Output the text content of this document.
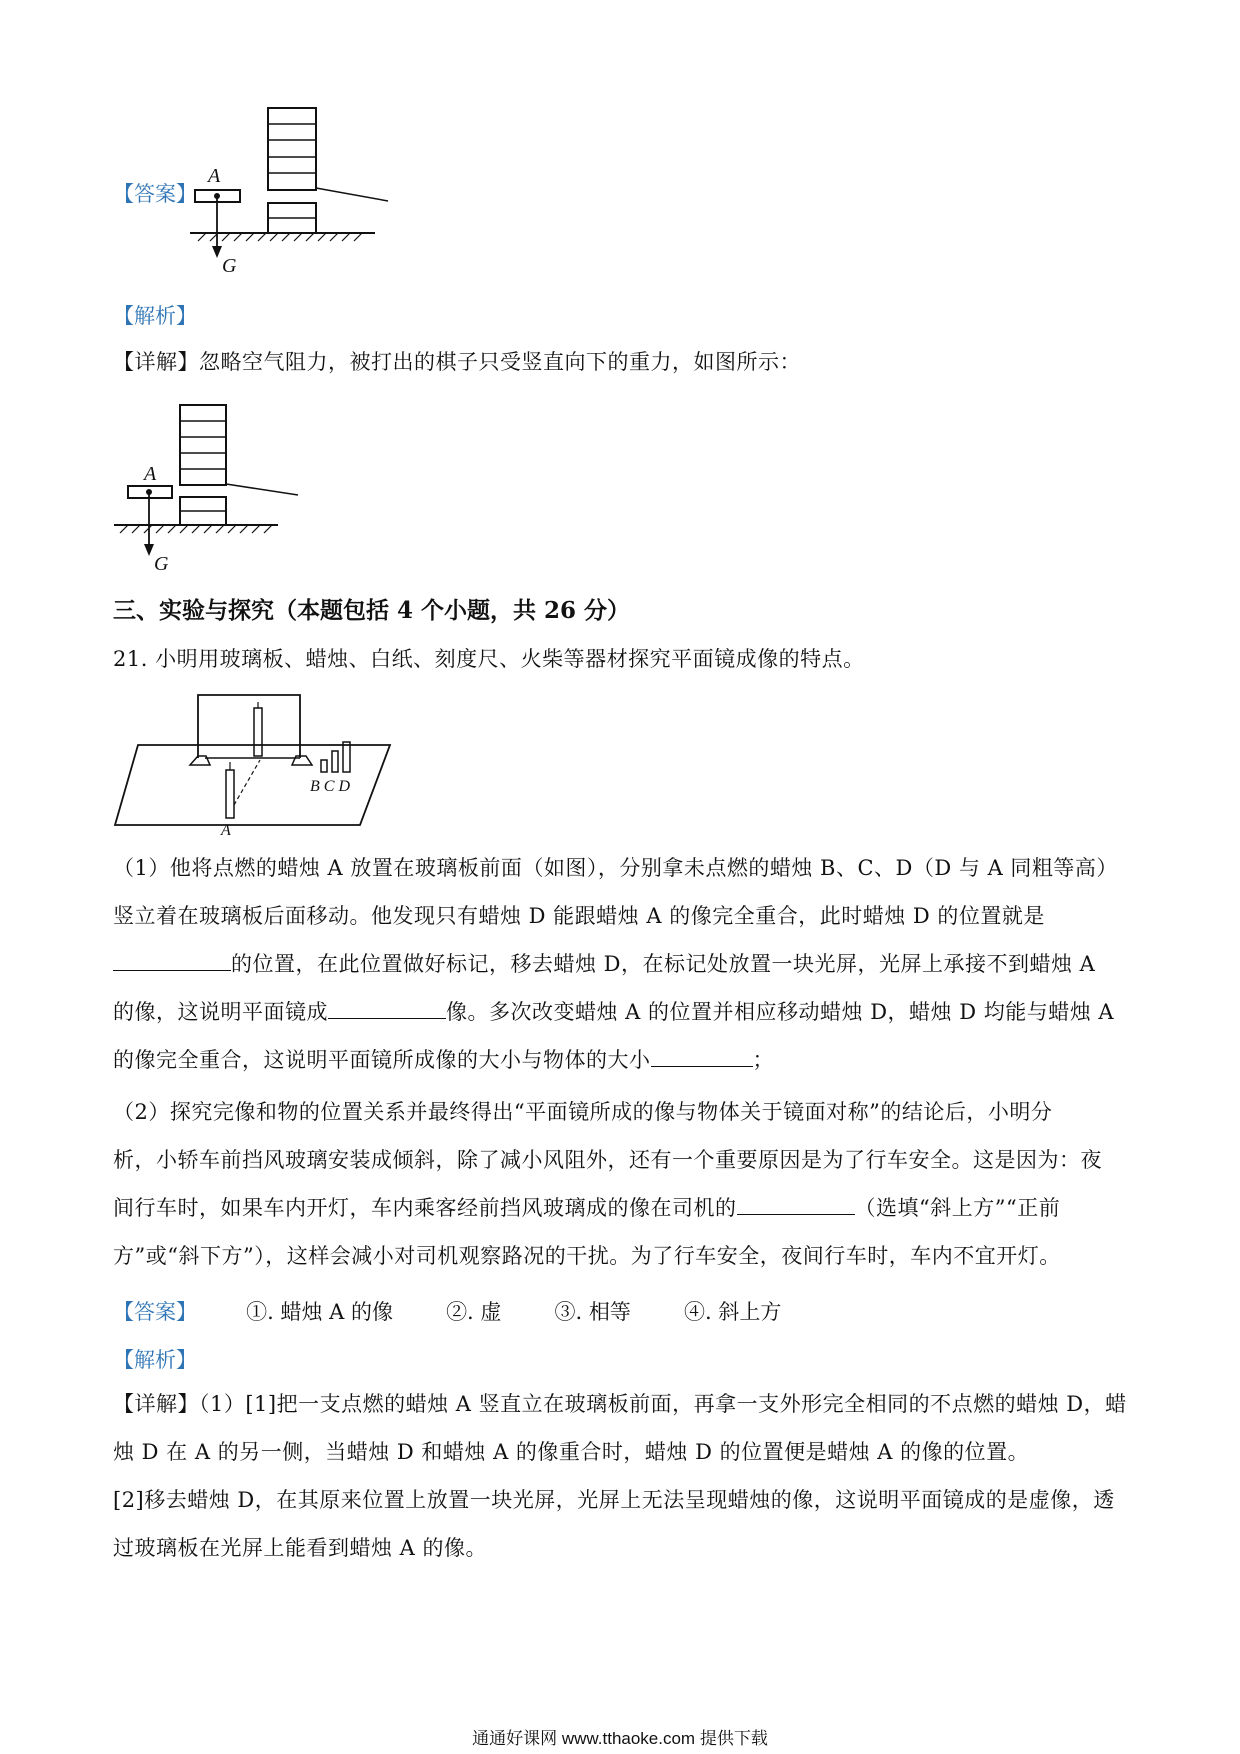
【答案】
A
G
【解析】
【详解】忽略空气阻力，被打出的棋子只受竖直向下的重力，如图所示：
A
G
三、实验与探究（本题包括 4 个小题，共 26 分）
21. 小明用玻璃板、蜡烛、白纸、刻度尺、火柴等器材探究平面镜成像的特点。
B C D
A
（1）他将点燃的蜡烛 A 放置在玻璃板前面（如图），分别拿未点燃的蜡烛 B、C、D（D 与 A 同粗等高）
竖立着在玻璃板后面移动。他发现只有蜡烛 D 能跟蜡烛 A 的像完全重合，此时蜡烛 D 的位置就是
的位置，在此位置做好标记，移去蜡烛 D，在标记处放置一块光屏，光屏上承接不到蜡烛 A
的像，这说明平面镜成	像。多次改变蜡烛 A 的位置并相应移动蜡烛 D，蜡烛 D 均能与蜡烛 A
的像完全重合，这说明平面镜所成像的大小与物体的大小	；
（2）探究完像和物的位置关系并最终得出“平面镜所成的像与物体关于镜面对称”的结论后，小明分
析，小轿车前挡风玻璃安装成倾斜，除了减小风阻外，还有一个重要原因是为了行车安全。这是因为：夜
间行车时，如果车内开灯，车内乘客经前挡风玻璃成的像在司机的	（选填“斜上方”“正前
方”或“斜下方”），这样会减小对司机观察路况的干扰。为了行车安全，夜间行车时，车内不宜开灯。
【答案】 ①. 蜡烛 A 的像	②. 虚	③. 相等	④. 斜上方
【解析】
【详解】（1）[1]把一支点燃的蜡烛 A 竖直立在玻璃板前面，再拿一支外形完全相同的不点燃的蜡烛 D，蜡
烛 D 在 A 的另一侧，当蜡烛 D 和蜡烛 A 的像重合时，蜡烛 D 的位置便是蜡烛 A 的像的位置。
[2]移去蜡烛 D，在其原来位置上放置一块光屏，光屏上无法呈现蜡烛的像，这说明平面镜成的是虚像，透
过玻璃板在光屏上能看到蜡烛 A 的像。
通通好课网 www.tthaoke.com 提供下载
